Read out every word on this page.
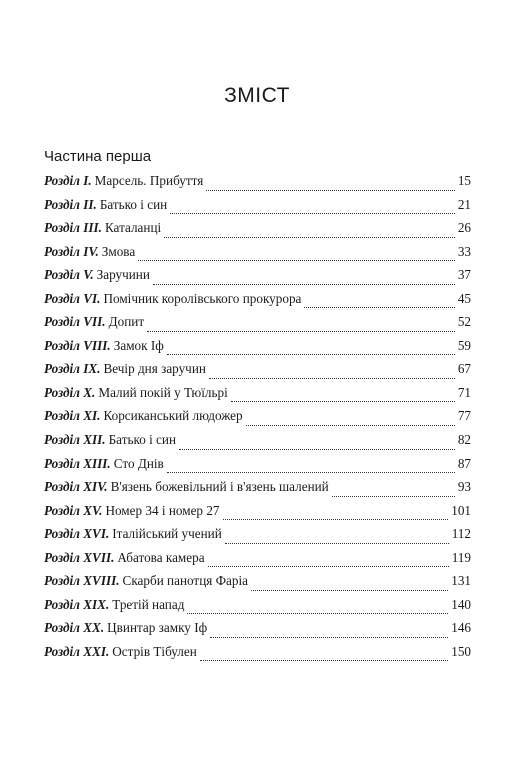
ЗМІСТ
Частина перша
Розділ І. Марсель. Прибуття	15
Розділ ІІ. Батько і син	21
Розділ ІІІ. Каталанці	26
Розділ IV. Змова	33
Розділ V. Заручини	37
Розділ VI. Помічник королівського прокурора	45
Розділ VII. Допит	52
Розділ VIII. Замок Іф	59
Розділ IX. Вечір дня заручин	67
Розділ X. Малий покій у Тюїльрі	71
Розділ XI. Корсиканський людожер	77
Розділ XII. Батько і син	82
Розділ XIII. Сто Днів	87
Розділ XIV. В'язень божевільний і в'язень шалений	93
Розділ XV. Номер 34 і номер 27	101
Розділ XVI. Італійський учений	112
Розділ XVII. Абатова камера	119
Розділ XVIII. Скарби панотця Фаріа	131
Розділ XIX. Третій напад	140
Розділ XX. Цвинтар замку Іф	146
Розділ XXI. Острів Тібулен	150
